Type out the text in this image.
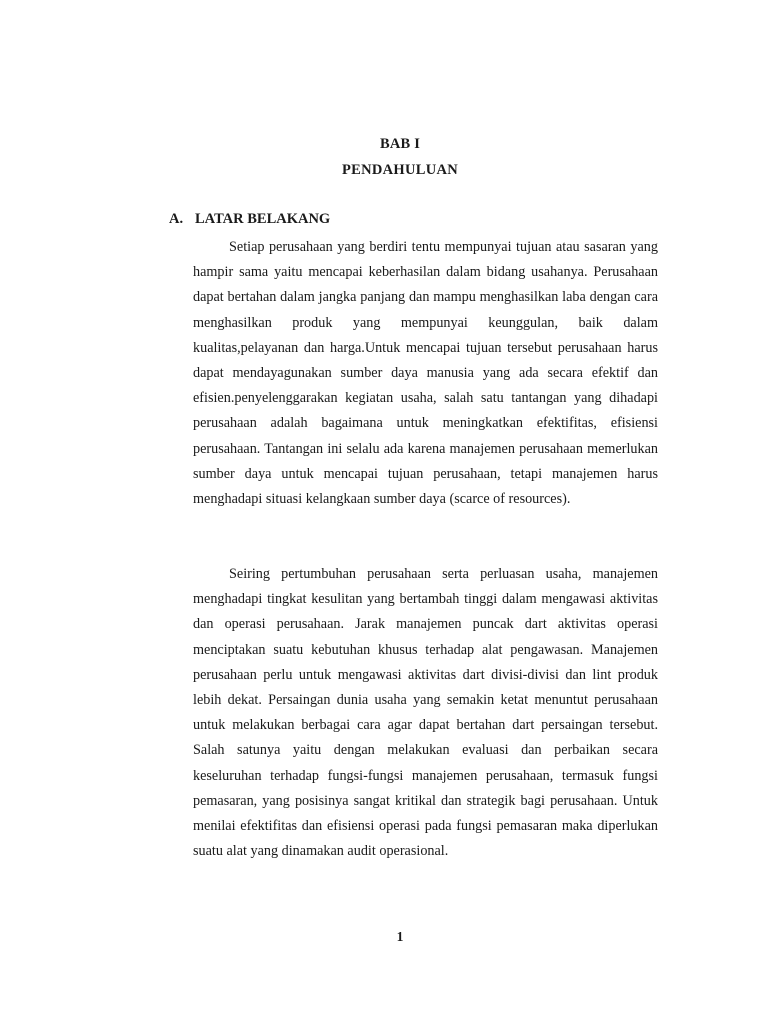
BAB I
PENDAHULUAN
A. LATAR BELAKANG

Setiap perusahaan yang berdiri tentu mempunyai tujuan atau sasaran yang hampir sama yaitu mencapai keberhasilan dalam bidang usahanya. Perusahaan dapat bertahan dalam jangka panjang dan mampu menghasilkan laba dengan cara menghasilkan produk yang mempunyai keunggulan, baik dalam kualitas,pelayanan dan harga.Untuk mencapai tujuan tersebut perusahaan harus dapat mendayagunakan sumber daya manusia yang ada secara efektif dan efisien.penyelenggarakan kegiatan usaha, salah satu tantangan yang dihadapi perusahaan adalah bagaimana untuk meningkatkan efektifitas, efisiensi perusahaan. Tantangan ini selalu ada karena manajemen perusahaan memerlukan sumber daya untuk mencapai tujuan perusahaan, tetapi manajemen harus menghadapi situasi kelangkaan sumber daya (scarce of resources).

Seiring pertumbuhan perusahaan serta perluasan usaha, manajemen menghadapi tingkat kesulitan yang bertambah tinggi dalam mengawasi aktivitas dan operasi perusahaan. Jarak manajemen puncak dart aktivitas operasi menciptakan suatu kebutuhan khusus terhadap alat pengawasan. Manajemen perusahaan perlu untuk mengawasi aktivitas dart divisi-divisi dan lint produk lebih dekat. Persaingan dunia usaha yang semakin ketat menuntut perusahaan untuk melakukan berbagai cara agar dapat bertahan dart persaingan tersebut. Salah satunya yaitu dengan melakukan evaluasi dan perbaikan secara keseluruhan terhadap fungsi-fungsi manajemen perusahaan, termasuk fungsi pemasaran, yang posisinya sangat kritikal dan strategik bagi perusahaan. Untuk menilai efektifitas dan efisiensi operasi pada fungsi pemasaran maka diperlukan suatu alat yang dinamakan audit operasional.

1
